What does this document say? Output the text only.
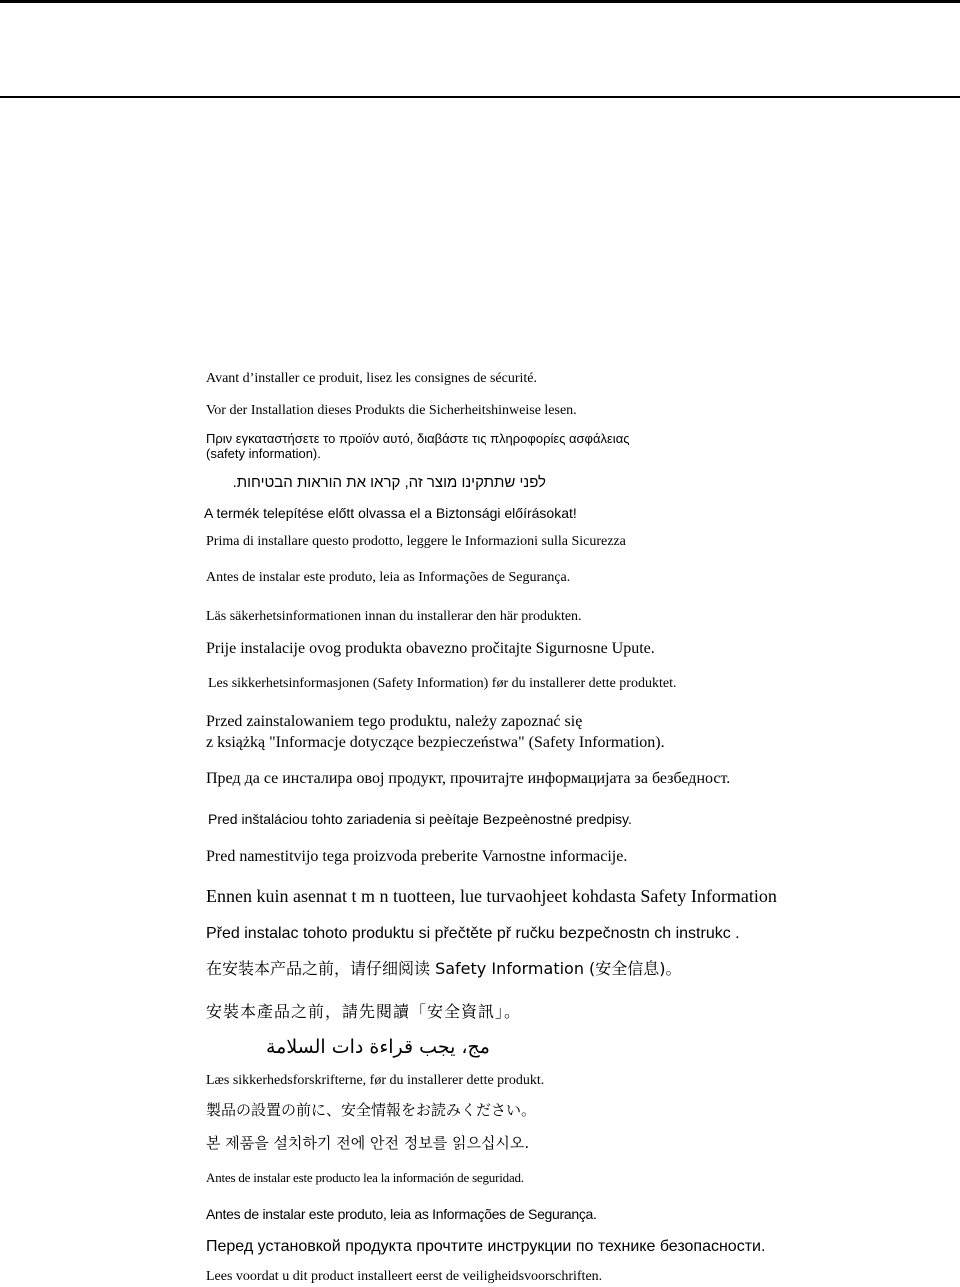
Avant d’installer ce produit, lisez les consignes de sécurité.

Vor der Installation dieses Produkts die Sicherheitshinweise lesen.

Πριν εγκαταστήσετε το προϊόν αυτό, διαβάστε τις πληροφορίες ασφάλειας
(safety information).

לפני שתתקינו מוצר זה, קראו את הוראות הבטיחות.

A termék telepítése előtt olvassa el a Biztonsági előírásokat!

Prima di installare questo prodotto, leggere le Informazioni sulla Sicurezza

Antes de instalar este produto, leia as Informações de Segurança.

Läs säkerhetsinformationen innan du installerar den här produkten.

Prije instalacije ovog produkta obavezno pročitajte Sigurnosne Upute.

Les sikkerhetsinformasjonen (Safety Information) før du installerer dette produktet.

Przed zainstalowaniem tego produktu, należy zapoznać się
z książką "Informacje dotyczące bezpieczeństwa" (Safety Information).

Пред да се инсталира овој продукт, прочитајте информацијата за безбедност.

Pred inštaláciou tohto zariadenia si peèítaje Bezpeènostné predpisy.

Pred namestitvijo tega proizvoda preberite Varnostne informacije.

Ennen kuin asennat t m n tuotteen, lue turvaohjeet kohdasta Safety Information

Před instalac tohoto produktu si přečtěte př ručku bezpečnostn ch instrukc .

在安装本产品之前，请仔细阅读 Safety Information (安全信息)。

安裝本產品之前，請先閱讀「安全資訊」。

مج، يجب قراءة دات السلامة

Læs sikkerhedsforskrifterne, før du installerer dette produkt.

製品の設置の前に、安全情報をお読みください。

본 제품을 설치하기 전에 안전 정보를 읽으십시오.

Antes de instalar este producto lea la información de seguridad.

Antes de instalar este produto, leia as Informações de Segurança.

Перед установкой продукта прочтите инструкции по технике безопасности.

Lees voordat u dit product installeert eerst de veiligheidsvoorschriften.
